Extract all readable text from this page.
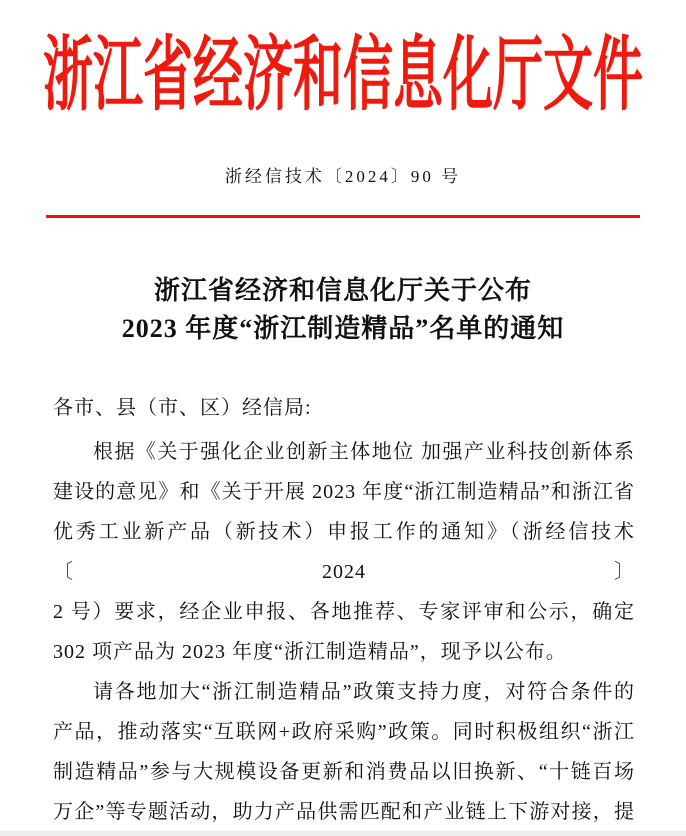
浙江省经济和信息化厅文件
浙经信技术〔2024〕90 号
浙江省经济和信息化厅关于公布
2023 年度“浙江制造精品”名单的通知
各市、县（市、区）经信局:
根据《关于强化企业创新主体地位 加强产业科技创新体系
建设的意见》和《关于开展 2023 年度“浙江制造精品”和浙江省
优秀工业新产品（新技术）申报工作的通知》（浙经信技术〔2024〕
2 号）要求，经企业申报、各地推荐、专家评审和公示，确定
302 项产品为 2023 年度“浙江制造精品”，现予以公布。
请各地加大“浙江制造精品”政策支持力度，对符合条件的
产品，推动落实“互联网+政府采购”政策。同时积极组织“浙江
制造精品”参与大规模设备更新和消费品以旧换新、“十链百场
万企”等专题活动，助力产品供需匹配和产业链上下游对接，提
